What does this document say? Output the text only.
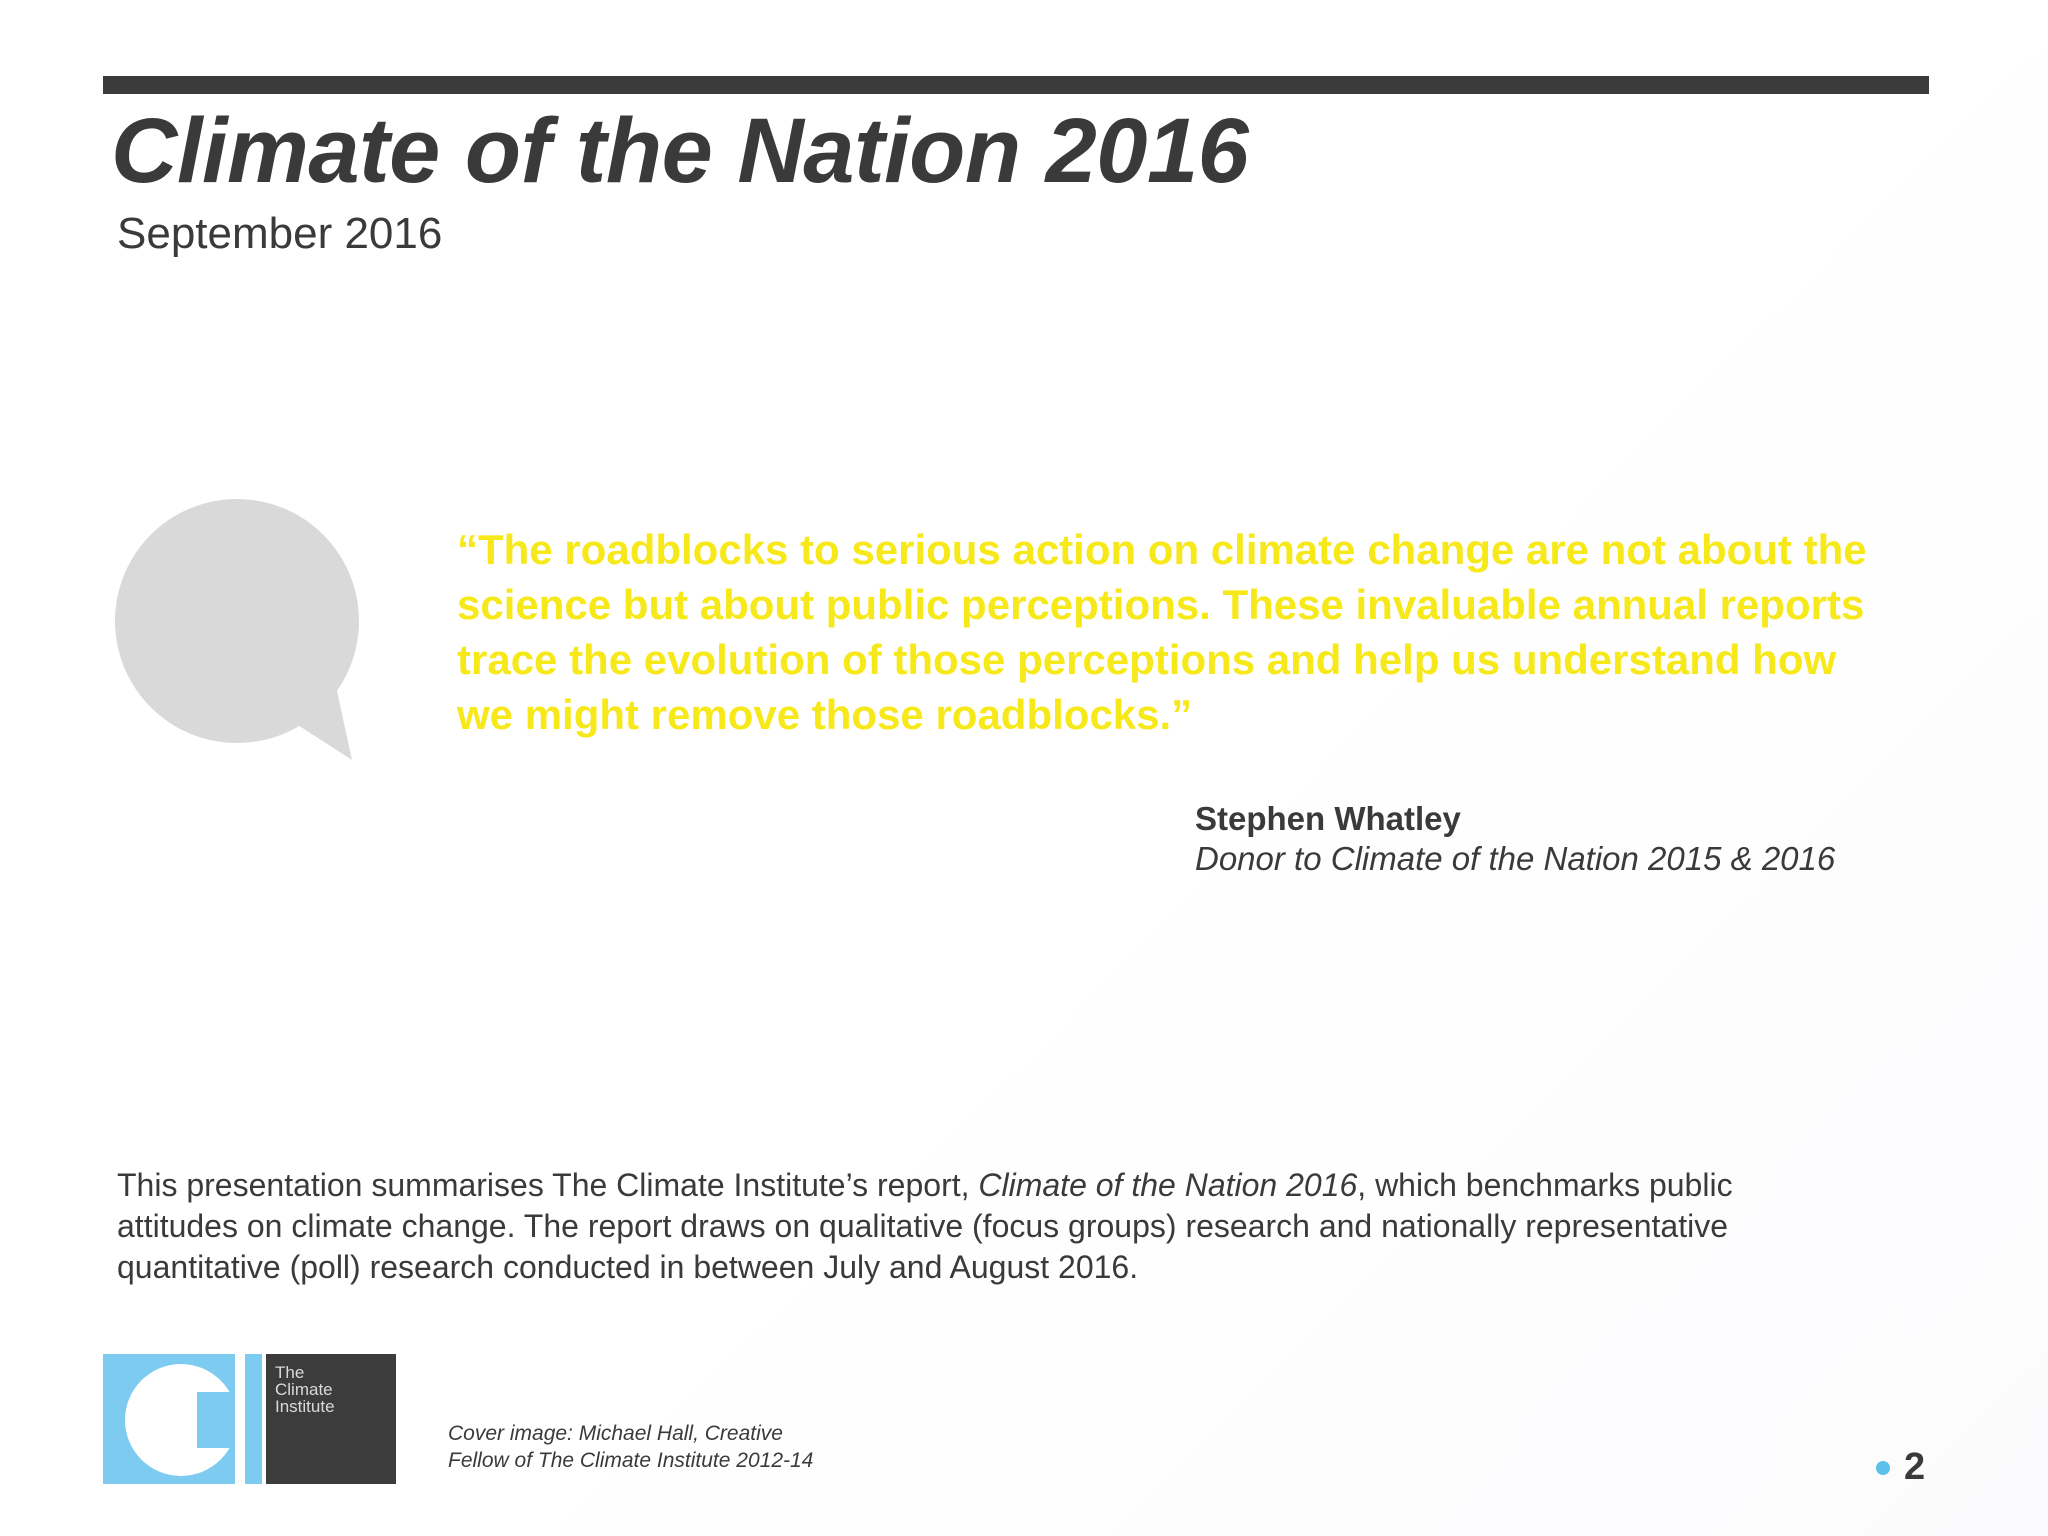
Climate of the Nation 2016
September 2016
“The roadblocks to serious action on climate change are not about the science but about public perceptions. These invaluable annual reports trace the evolution of those perceptions and help us understand how we might remove those roadblocks.”
Stephen Whatley
Donor to Climate of the Nation 2015 & 2016
This presentation summarises The Climate Institute’s report, Climate of the Nation 2016, which benchmarks public attitudes on climate change. The report draws on qualitative (focus groups) research and nationally representative quantitative (poll) research conducted in between July and August 2016.
The
Climate
Institute
Cover image: Michael Hall, Creative
Fellow of The Climate Institute 2012-14	2
